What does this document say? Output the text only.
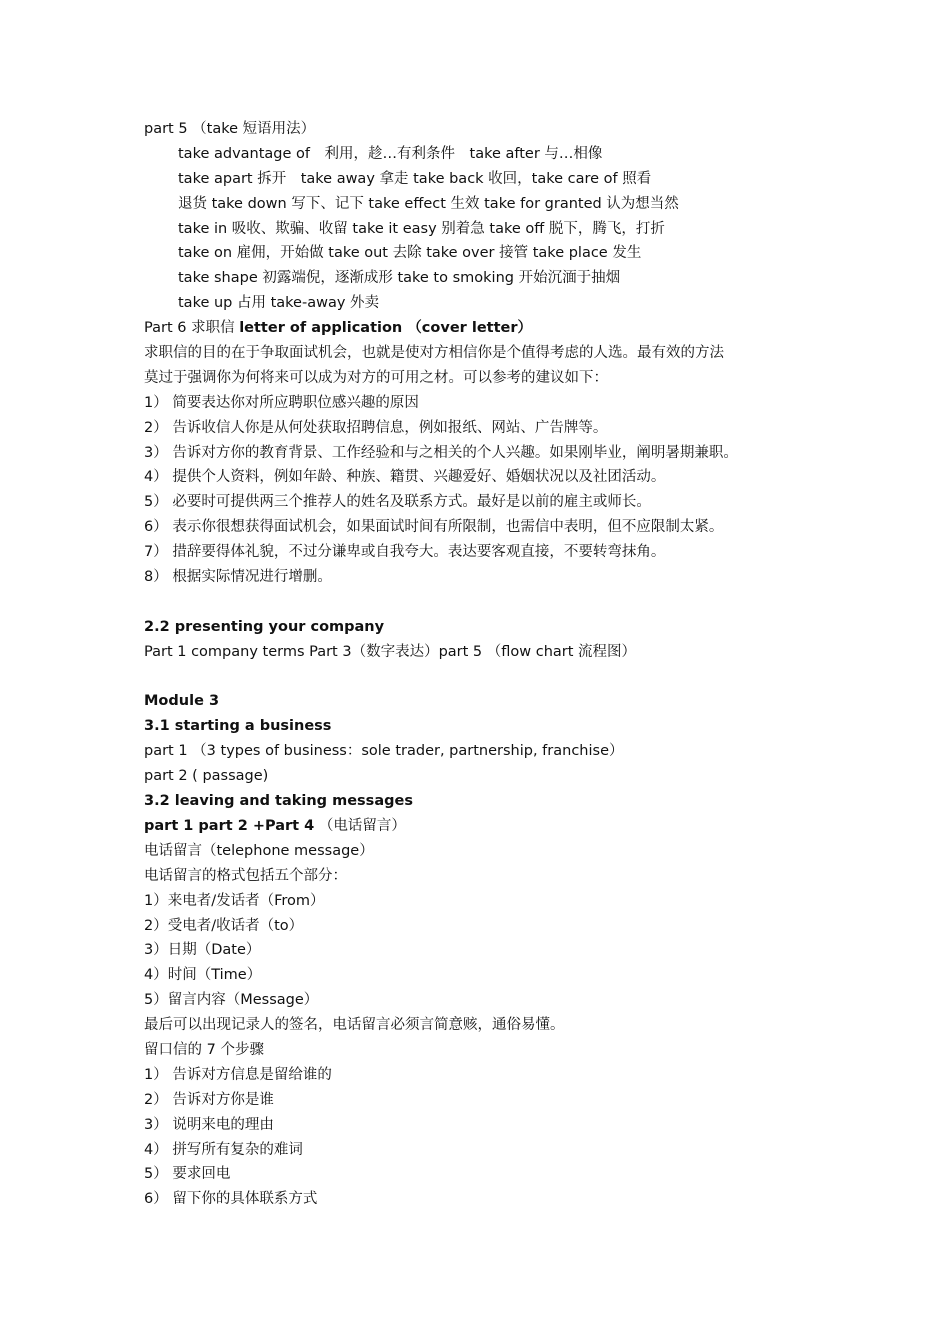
part 5 （take 短语用法）
take advantage of　利用，趁…有利条件　take after 与…相像
take apart 拆开　take away 拿走 take back 收回，take care of 照看
退货 take down 写下、记下 take effect 生效 take for granted 认为想当然
take in 吸收、欺骗、收留 take it easy 别着急 take off 脱下，腾飞，打折
take on 雇佣，开始做 take out 去除 take over 接管 take place 发生
take shape 初露端倪，逐渐成形 take to smoking 开始沉湎于抽烟
take up 占用 take-away 外卖
Part 6 求职信 letter of application （cover letter）
求职信的目的在于争取面试机会，也就是使对方相信你是个值得考虑的人选。最有效的方法
莫过于强调你为何将来可以成为对方的可用之材。可以参考的建议如下：
1） 简要表达你对所应聘职位感兴趣的原因
2） 告诉收信人你是从何处获取招聘信息，例如报纸、网站、广告牌等。
3） 告诉对方你的教育背景、工作经验和与之相关的个人兴趣。如果刚毕业，阐明暑期兼职。
4） 提供个人资料，例如年龄、种族、籍贯、兴趣爱好、婚姻状况以及社团活动。
5） 必要时可提供两三个推荐人的姓名及联系方式。最好是以前的雇主或师长。
6） 表示你很想获得面试机会，如果面试时间有所限制，也需信中表明，但不应限制太紧。
7） 措辞要得体礼貌，不过分谦卑或自我夸大。表达要客观直接，不要转弯抹角。
8） 根据实际情况进行增删。
2.2 presenting your company
Part 1 company terms Part 3（数字表达）part 5 （flow chart 流程图）
Module 3
3.1 starting a business
part 1 （3 types of business：sole trader, partnership, franchise）
part 2 ( passage)
3.2 leaving and taking messages
part 1 part 2 +Part 4 （电话留言）
电话留言（telephone message）
电话留言的格式包括五个部分：
1）来电者/发话者（From）
2）受电者/收话者（to）
3）日期（Date）
4）时间（Time）
5）留言内容（Message）
最后可以出现记录人的签名，电话留言必须言简意赅，通俗易懂。
留口信的 7 个步骤
1） 告诉对方信息是留给谁的
2） 告诉对方你是谁
3） 说明来电的理由
4） 拼写所有复杂的难词
5） 要求回电
6） 留下你的具体联系方式
